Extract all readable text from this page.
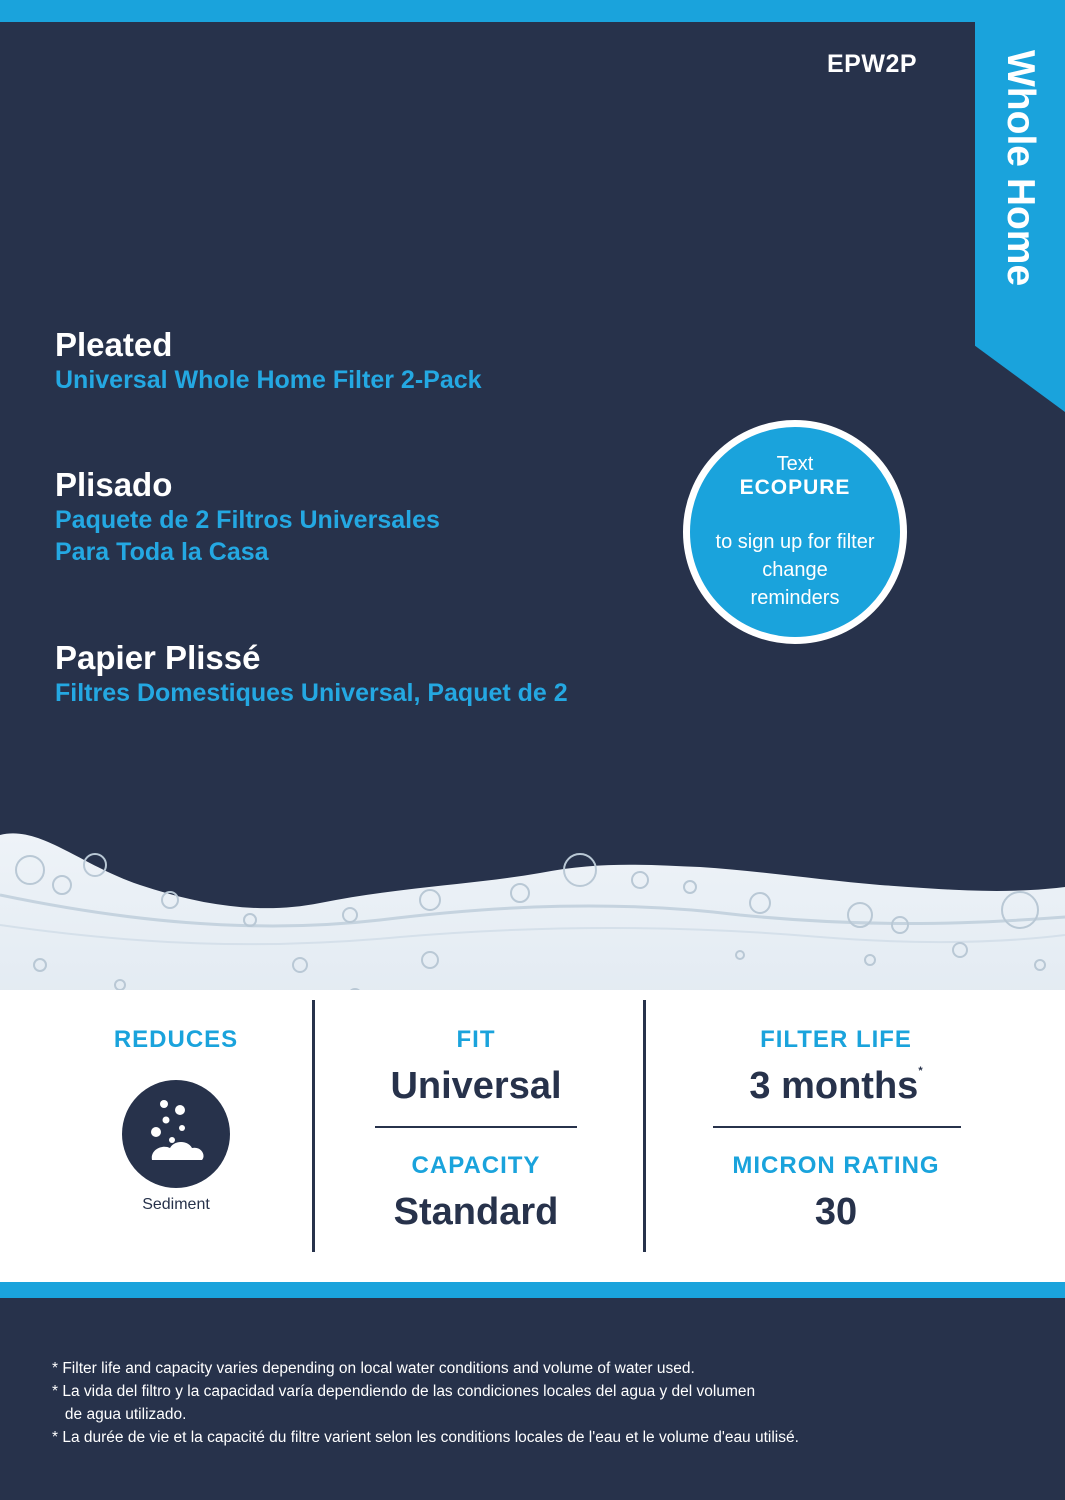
EPW2P	Whole Home

Pleated

Universal Whole Home Filter 2-Pack

Plisado

Paquete de 2 Filtros Universales

Para Toda la Casa

Papier Plissé

Filtres Domestiques Universal, Paquet de 2

Text
ECOPURE
to sign up for filter change reminders
REDUCES
Sediment
FIT
Universal
CAPACITY
Standard
FILTER LIFE
3 months*
MICRON RATING
30

* Filter life and capacity varies depending on local water conditions and volume of water used.

* La vida del filtro y la capacidad varía dependiendo de las condiciones locales del agua y del volumen

de agua utilizado.

* La durée de vie et la capacité du filtre varient selon les conditions locales de l'eau et le volume d'eau utilisé.
